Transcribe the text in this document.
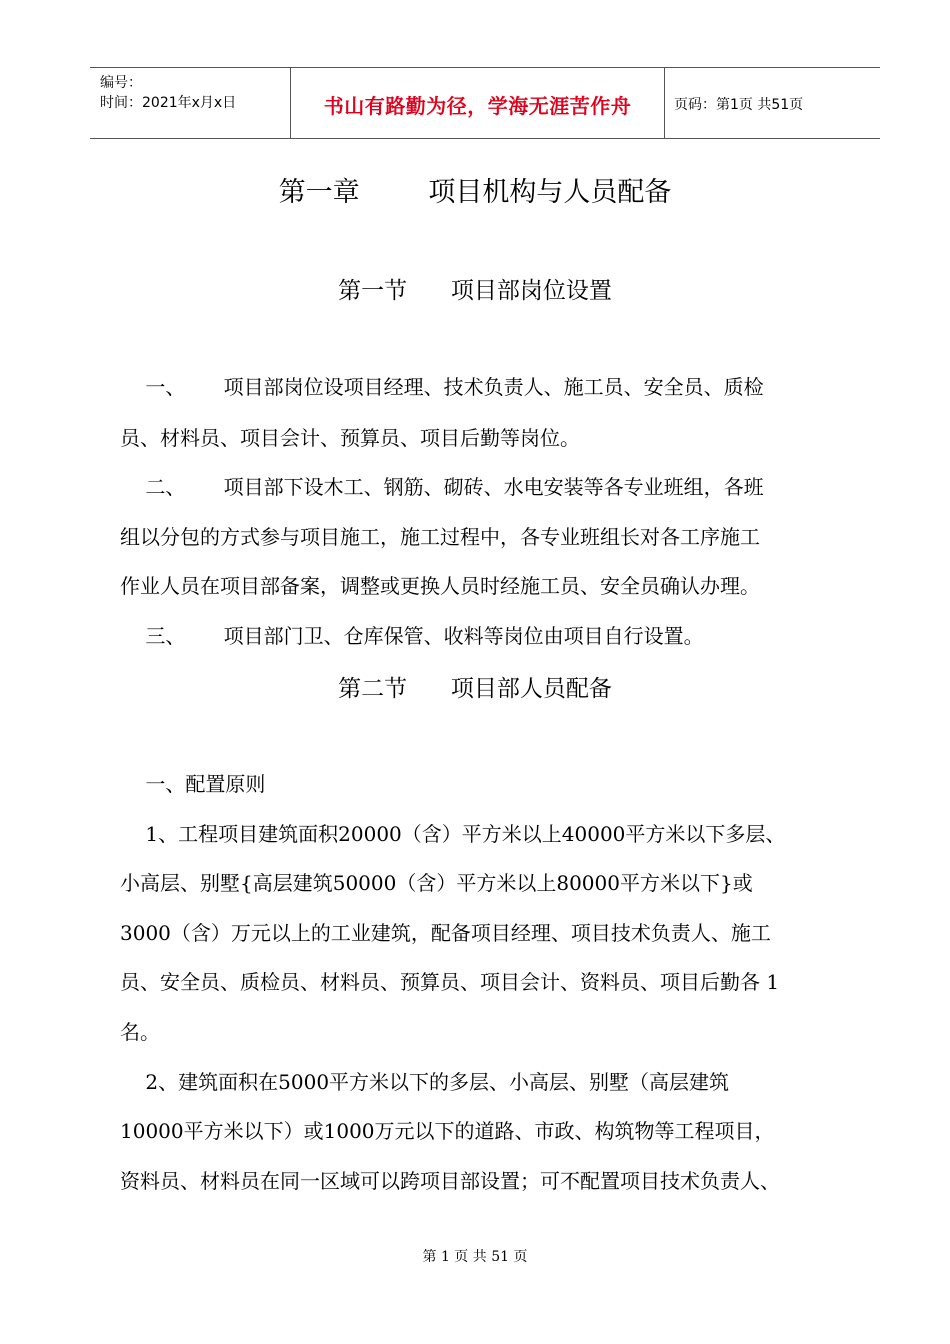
编号：
时间：2021年x月x日	书山有路勤为径，学海无涯苦作舟	页码：第1页 共51页
第一章        项目机构与人员配备
第一节      项目部岗位设置
一、      项目部岗位设项目经理、技术负责人、施工员、安全员、质检
员、材料员、项目会计、预算员、项目后勤等岗位。
二、      项目部下设木工、钢筋、砌砖、水电安装等各专业班组，各班
组以分包的方式参与项目施工，施工过程中，各专业班组长对各工序施工
作业人员在项目部备案，调整或更换人员时经施工员、安全员确认办理。
三、      项目部门卫、仓库保管、收料等岗位由项目自行设置。
第二节      项目部人员配备
一、配置原则
1、工程项目建筑面积20000（含）平方米以上40000平方米以下多层、
小高层、别墅{高层建筑50000（含）平方米以上80000平方米以下}或
3000（含）万元以上的工业建筑，配备项目经理、项目技术负责人、施工
员、安全员、质检员、材料员、预算员、项目会计、资料员、项目后勤各 1
名。
2、建筑面积在5000平方米以下的多层、小高层、别墅（高层建筑
10000平方米以下）或1000万元以下的道路、市政、构筑物等工程项目，
资料员、材料员在同一区域可以跨项目部设置；可不配置项目技术负责人、
第 1 页 共 51 页
